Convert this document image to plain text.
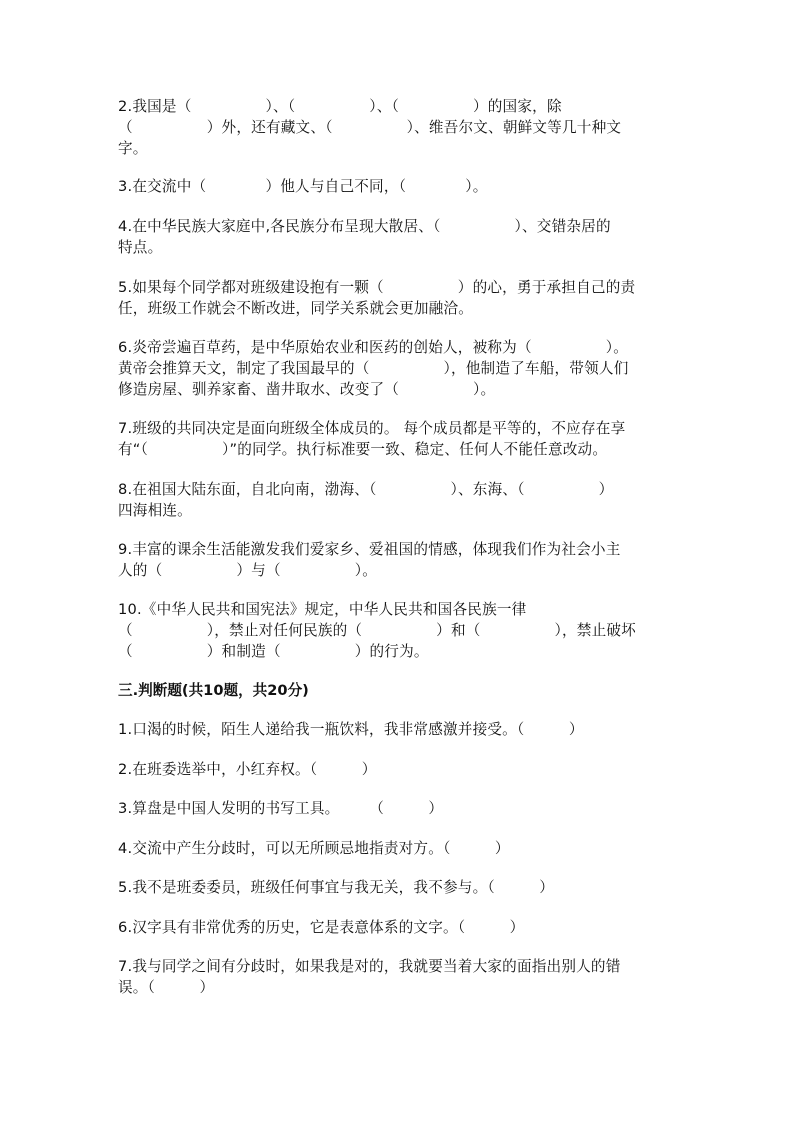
2.我国是（　　　　　）、（　　　　　）、（　　　　　）的国家，除
（　　　　　）外，还有藏文、（　　　　　）、维吾尔文、朝鲜文等几十种文
字。
3.在交流中（　　　　）他人与自己不同，（　　　　）。
4.在中华民族大家庭中,各民族分布呈现大散居、（　　　　　）、交错杂居的
特点。
5.如果每个同学都对班级建设抱有一颗（　　　　　）的心，勇于承担自己的责
任，班级工作就会不断改进，同学关系就会更加融洽。
6.炎帝尝遍百草药，是中华原始农业和医药的创始人，被称为（　　　　　）。
黄帝会推算天文，制定了我国最早的（　　　　　），他制造了车船，带领人们
修造房屋、驯养家畜、凿井取水、改变了（　　　　　）。
7.班级的共同决定是面向班级全体成员的。 每个成员都是平等的，不应存在享
有“（　　　　　）”的同学。执行标准要一致、稳定、任何人不能任意改动。
8.在祖国大陆东面，自北向南，渤海、（　　　　　）、东海、（　　　　　）
四海相连。
9.丰富的课余生活能激发我们爱家乡、爱祖国的情感，体现我们作为社会小主
人的（　　　　　）与（　　　　　）。
10.《中华人民共和国宪法》规定，中华人民共和国各民族一律
（　　　　　），禁止对任何民族的（　　　　　）和（　　　　　），禁止破坏
（　　　　　）和制造（　　　　　）的行为。
三.判断题(共10题，共20分)
1.口渴的时候，陌生人递给我一瓶饮料，我非常感激并接受。（　　　）
2.在班委选举中，小红弃权。（　　　）
3.算盘是中国人发明的书写工具。　　　（　　　）
4.交流中产生分歧时，可以无所顾忌地指责对方。（　　　）
5.我不是班委委员，班级任何事宜与我无关，我不参与。（　　　）
6.汉字具有非常优秀的历史，它是表意体系的文字。（　　　）
7.我与同学之间有分歧时，如果我是对的，我就要当着大家的面指出别人的错
误。（　　　）
